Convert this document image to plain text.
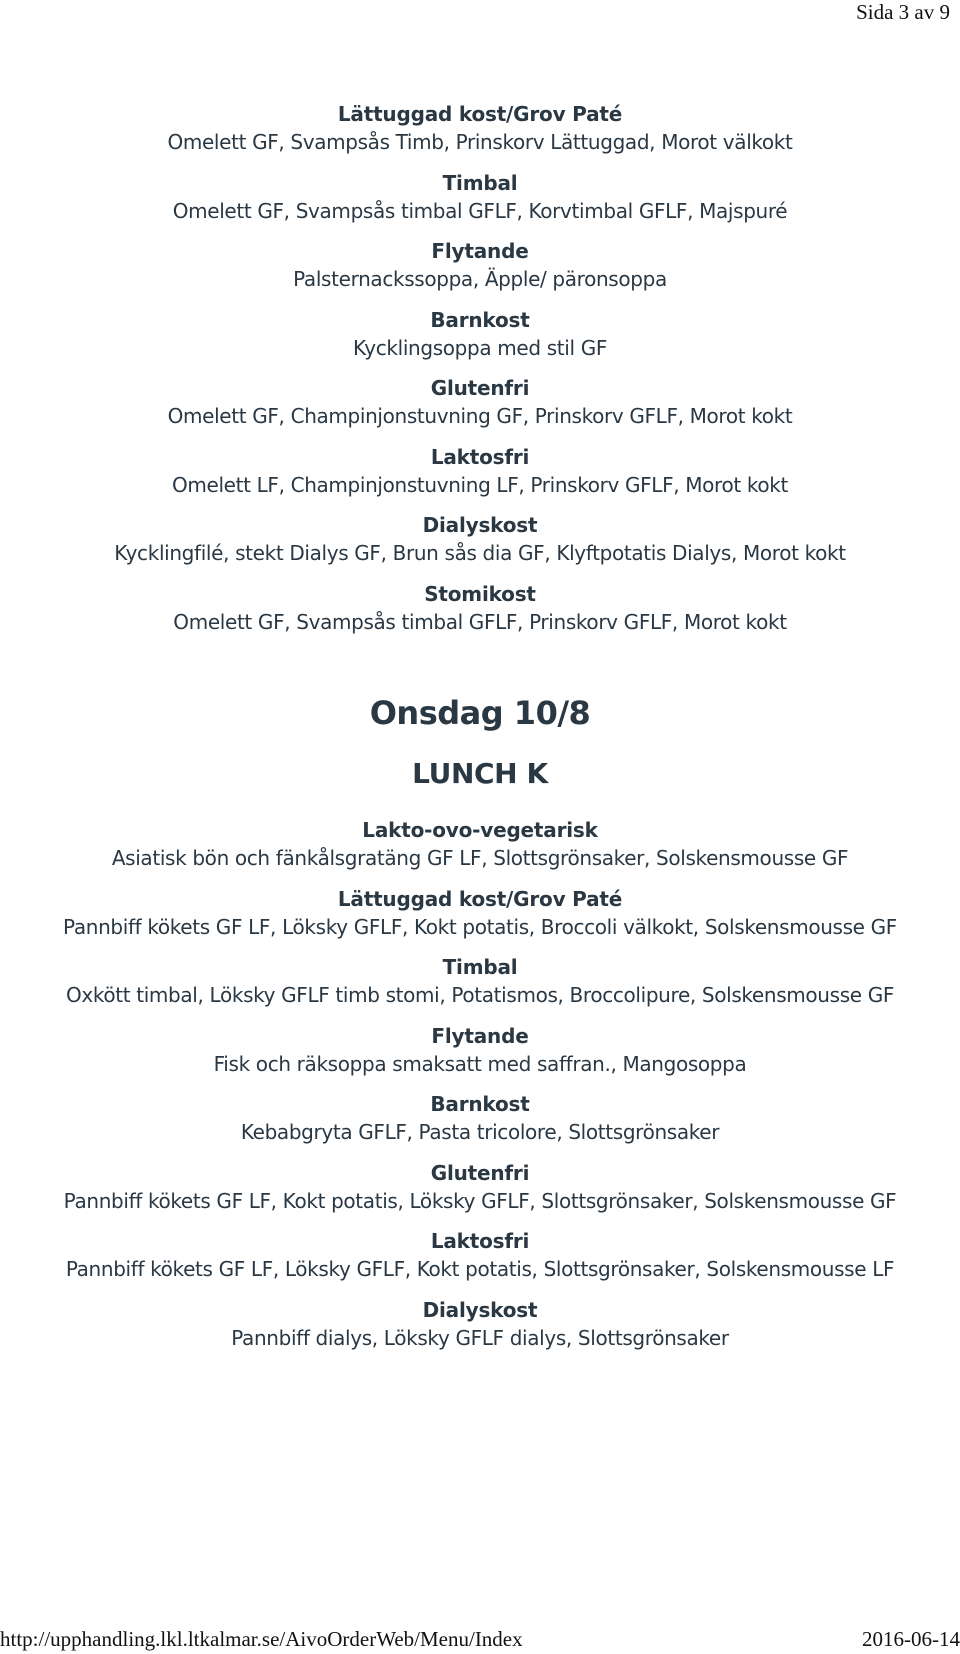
Sida 3 av 9
Lättuggad kost/Grov Paté
Omelett GF, Svampsås Timb, Prinskorv Lättuggad, Morot välkokt
Timbal
Omelett GF, Svampsås timbal GFLF, Korvtimbal GFLF, Majspuré
Flytande
Palsternackssoppa, Äpple/ päronsoppa
Barnkost
Kycklingsoppa med stil GF
Glutenfri
Omelett GF, Champinjonstuvning GF, Prinskorv GFLF, Morot kokt
Laktosfri
Omelett LF, Champinjonstuvning LF, Prinskorv GFLF, Morot kokt
Dialyskost
Kycklingfilé, stekt Dialys GF, Brun sås dia GF, Klyftpotatis Dialys, Morot kokt
Stomikost
Omelett GF, Svampsås timbal GFLF, Prinskorv GFLF, Morot kokt
Onsdag 10/8
LUNCH K
Lakto-ovo-vegetarisk
Asiatisk bön och fänkålsgratäng GF LF, Slottsgrönsaker, Solskensmousse GF
Lättuggad kost/Grov Paté
Pannbiff kökets GF LF, Löksky GFLF, Kokt potatis, Broccoli välkokt, Solskensmousse GF
Timbal
Oxkött timbal, Löksky GFLF timb stomi, Potatismos, Broccolipure, Solskensmousse GF
Flytande
Fisk och räksoppa smaksatt med saffran., Mangosoppa
Barnkost
Kebabgryta GFLF, Pasta tricolore, Slottsgrönsaker
Glutenfri
Pannbiff kökets GF LF, Kokt potatis, Löksky GFLF, Slottsgrönsaker, Solskensmousse GF
Laktosfri
Pannbiff kökets GF LF, Löksky GFLF, Kokt potatis, Slottsgrönsaker, Solskensmousse LF
Dialyskost
Pannbiff dialys, Löksky GFLF dialys, Slottsgrönsaker
http://upphandling.lkl.ltkalmar.se/AivoOrderWeb/Menu/Index	2016-06-14
